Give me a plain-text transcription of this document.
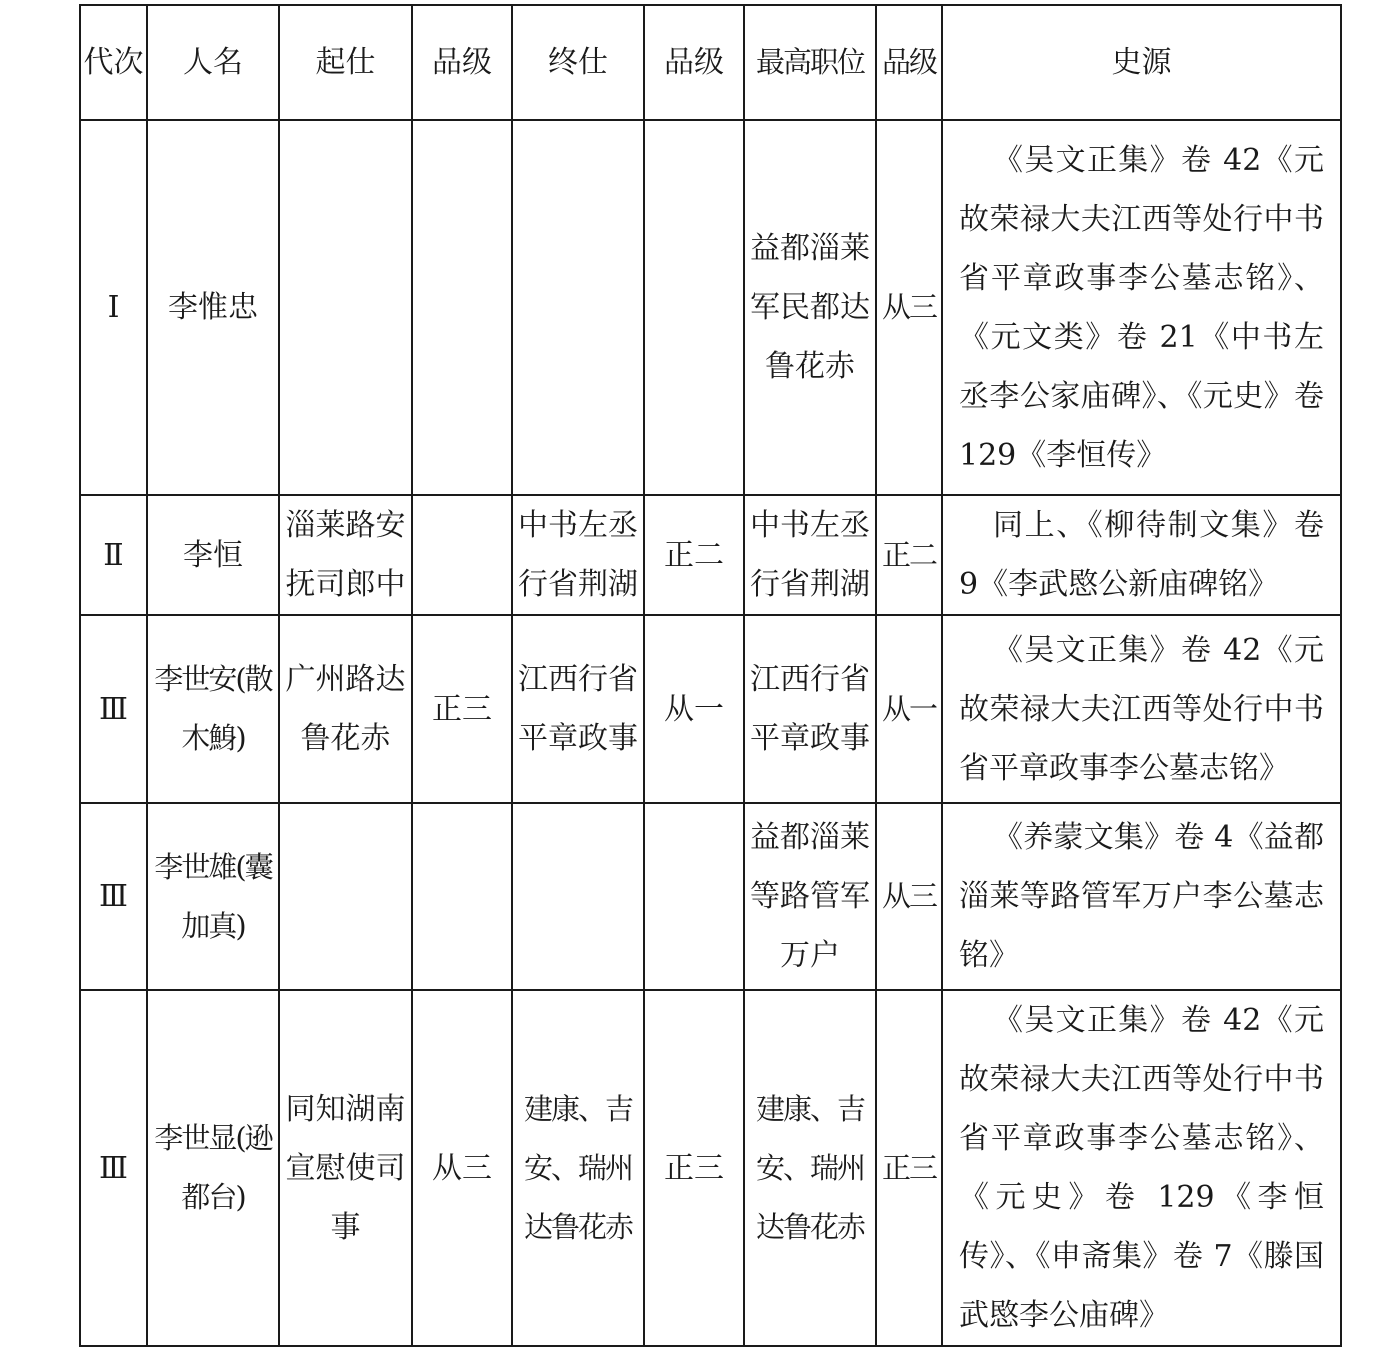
代次	人名	起仕	品级	终仕	品级	最高职位	品级	史源
Ⅰ	李惟忠					益都淄莱军民都达鲁花赤	从三	《吴文正集》卷 42《元故荣禄大夫江西等处行中书省平章政事李公墓志铭》、《元文类》卷 21《中书左丞李公家庙碑》、《元史》卷 129《李恒传》
Ⅱ	李恒	淄莱路安抚司郎中		中书左丞行省荆湖	正二	中书左丞行省荆湖	正二	同上、《柳待制文集》卷 9《李武愍公新庙碑铭》
Ⅲ	李世安(散木鯓)	广州路达鲁花赤	正三	江西行省平章政事	从一	江西行省平章政事	从一	《吴文正集》卷 42《元故荣禄大夫江西等处行中书省平章政事李公墓志铭》
Ⅲ	李世雄(囊加真)					益都淄莱等路管军万户	从三	《养蒙文集》卷 4《益都淄莱等路管军万户李公墓志铭》
Ⅲ	李世显(逊都台)	同知湖南宣慰使司事	从三	建康、吉安、瑞州达鲁花赤	正三	建康、吉安、瑞州达鲁花赤	正三	《吴文正集》卷 42《元故荣禄大夫江西等处行中书省平章政事李公墓志铭》、《元史》卷 129《李恒传》、《申斋集》卷 7《滕国武愍李公庙碑》
